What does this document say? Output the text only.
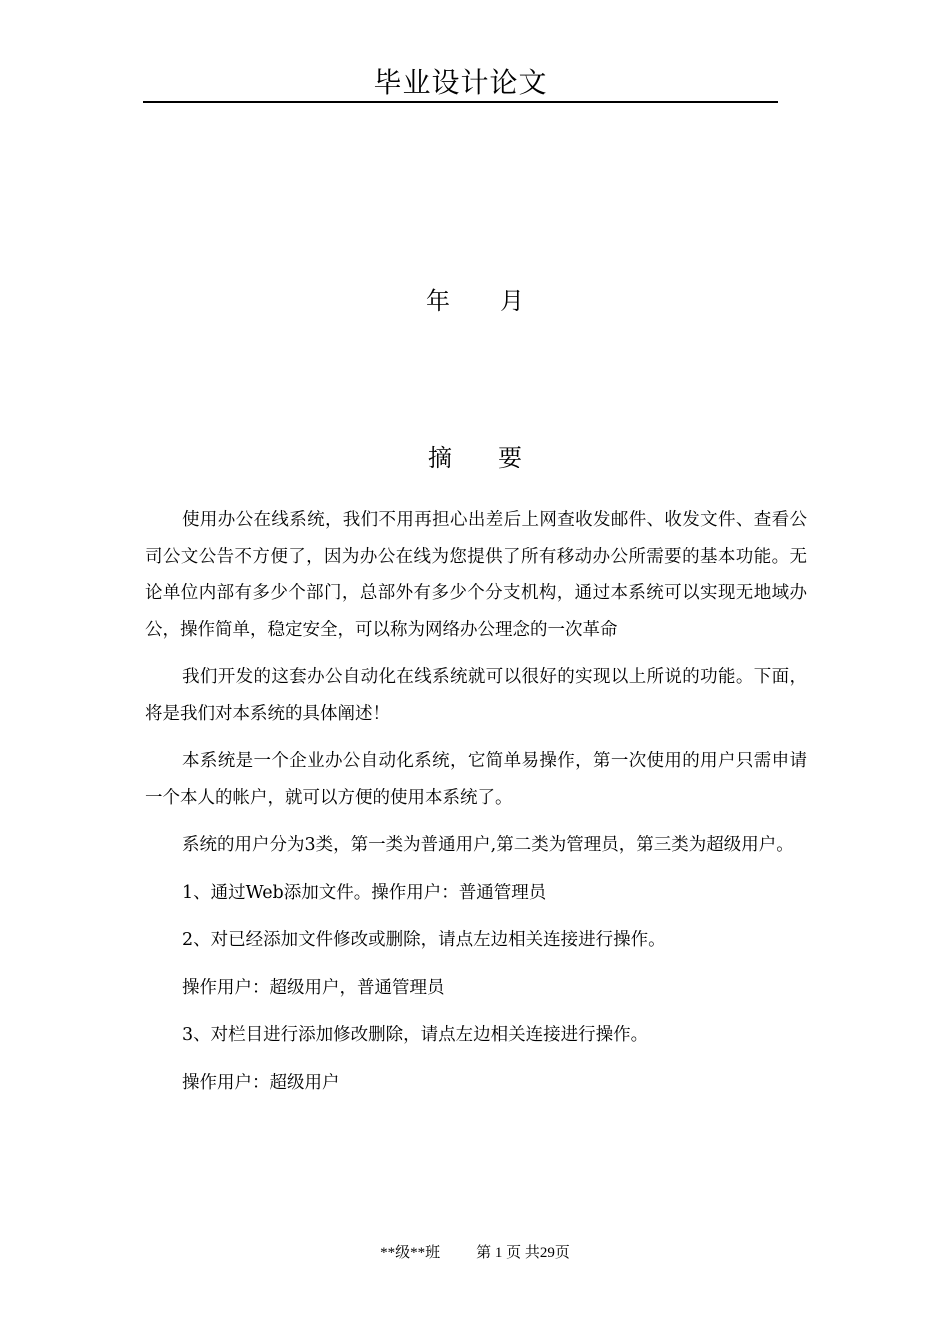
毕业设计论文
年 月
摘 要

使用办公在线系统，我们不用再担心出差后上网查收发邮件、收发文件、查看公司公文公告不方便了，因为办公在线为您提供了所有移动办公所需要的基本功能。无论单位内部有多少个部门，总部外有多少个分支机构，通过本系统可以实现无地域办公，操作简单，稳定安全，可以称为网络办公理念的一次革命

我们开发的这套办公自动化在线系统就可以很好的实现以上所说的功能。下面，将是我们对本系统的具体阐述！

本系统是一个企业办公自动化系统，它简单易操作，第一次使用的用户只需申请一个本人的帐户，就可以方便的使用本系统了。

系统的用户分为3类，第一类为普通用户,第二类为管理员，第三类为超级用户。

1、通过Web添加文件。操作用户：普通管理员

2、对已经添加文件修改或删除，请点左边相关连接进行操作。

操作用户：超级用户，普通管理员

3、对栏目进行添加修改删除，请点左边相关连接进行操作。

操作用户：超级用户

**级**班 第 1 页 共29页
